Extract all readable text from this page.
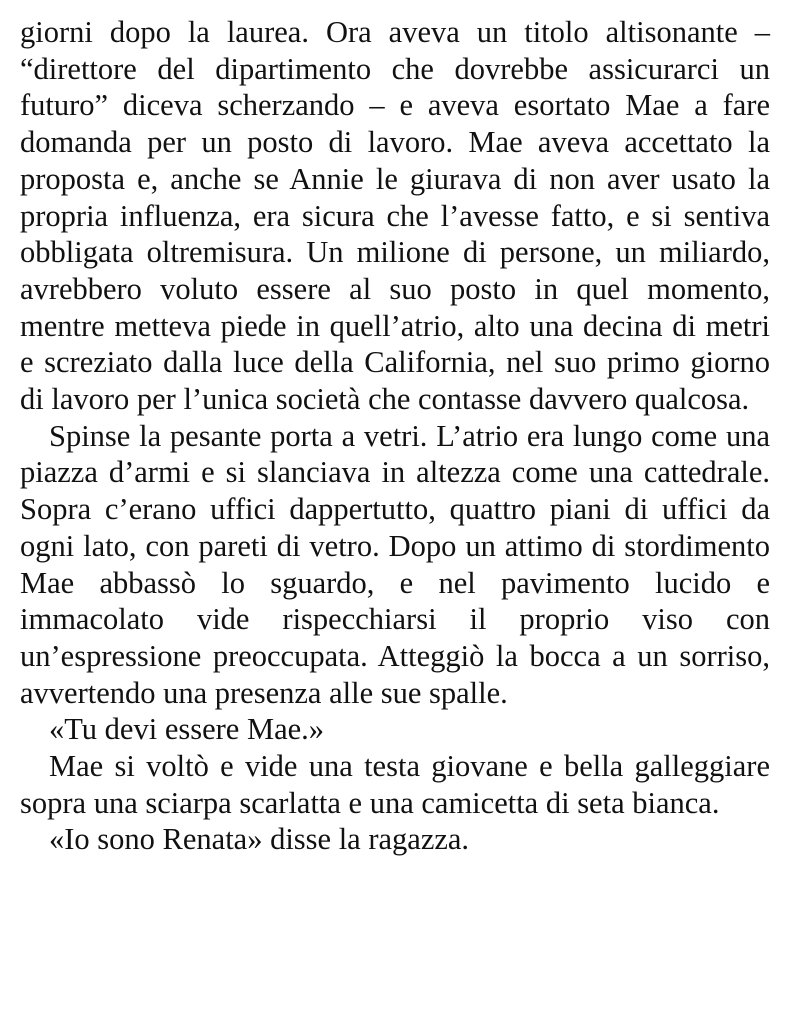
giorni dopo la laurea. Ora aveva un titolo altisonante – “direttore del dipartimento che dovrebbe assicurarci un futuro” diceva scherzando – e aveva esortato Mae a fare domanda per un posto di lavoro. Mae aveva accettato la proposta e, anche se Annie le giurava di non aver usato la propria influenza, era sicura che l’avesse fatto, e si sentiva obbligata oltremisura. Un milione di persone, un miliardo, avrebbero voluto essere al suo posto in quel momento, mentre metteva piede in quell’atrio, alto una decina di metri e screziato dalla luce della California, nel suo primo giorno di lavoro per l’unica società che contasse davvero qualcosa.

Spinse la pesante porta a vetri. L’atrio era lungo come una piazza d’armi e si slanciava in altezza come una cattedrale. Sopra c’erano uffici dappertutto, quattro piani di uffici da ogni lato, con pareti di vetro. Dopo un attimo di stordimento Mae abbassò lo sguardo, e nel pavimento lucido e immacolato vide rispecchiarsi il proprio viso con un’espressione preoccupata. Atteggiò la bocca a un sorriso, avvertendo una presenza alle sue spalle.

«Tu devi essere Mae.»

Mae si voltò e vide una testa giovane e bella galleggiare sopra una sciarpa scarlatta e una camicetta di seta bianca.

«Io sono Renata» disse la ragazza.
